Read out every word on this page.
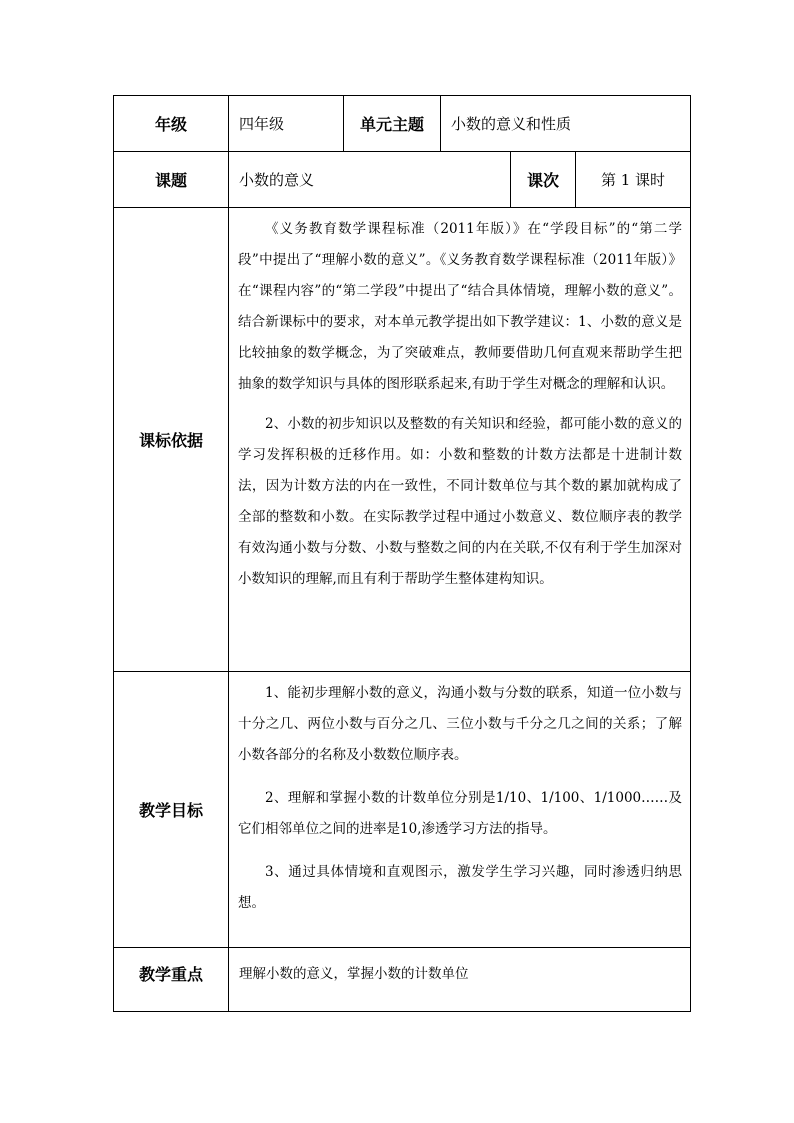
年级	四年级	单元主题	小数的意义和性质		
课题	小数的意义			课次	第 1 课时
课标依据	《义务教育数学课程标准（2011年版）》在“学段目标”的“第二学段”中提出了“理解小数的意义”。《义务教育数学课程标准（2011年版）》在“课程内容”的“第二学段”中提出了“结合具体情境，理解小数的意义”。结合新课标中的要求，对本单元教学提出如下教学建议：1、小数的意义是比较抽象的数学概念，为了突破难点，教师要借助几何直观来帮助学生把抽象的数学知识与具体的图形联系起来,有助于学生对概念的理解和认识。

2、小数的初步知识以及整数的有关知识和经验，都可能小数的意义的学习发挥积极的迁移作用。如：小数和整数的计数方法都是十进制计数法，因为计数方法的内在一致性，不同计数单位与其个数的累加就构成了全部的整数和小数。在实际教学过程中通过小数意义、数位顺序表的教学有效沟通小数与分数、小数与整数之间的内在关联,不仅有利于学生加深对小数知识的理解,而且有利于帮助学生整体建构知识。				

教学目标	1、能初步理解小数的意义，沟通小数与分数的联系，知道一位小数与十分之几、两位小数与百分之几、三位小数与千分之几之间的关系；了解小数各部分的名称及小数数位顺序表。

2、理解和掌握小数的计数单位分别是1/10、1/100、1/1000……及它们相邻单位之间的进率是10,渗透学习方法的指导。

3、通过具体情境和直观图示，激发学生学习兴趣，同时渗透归纳思想。				

教学重点	理解小数的意义，掌握小数的计数单位				
